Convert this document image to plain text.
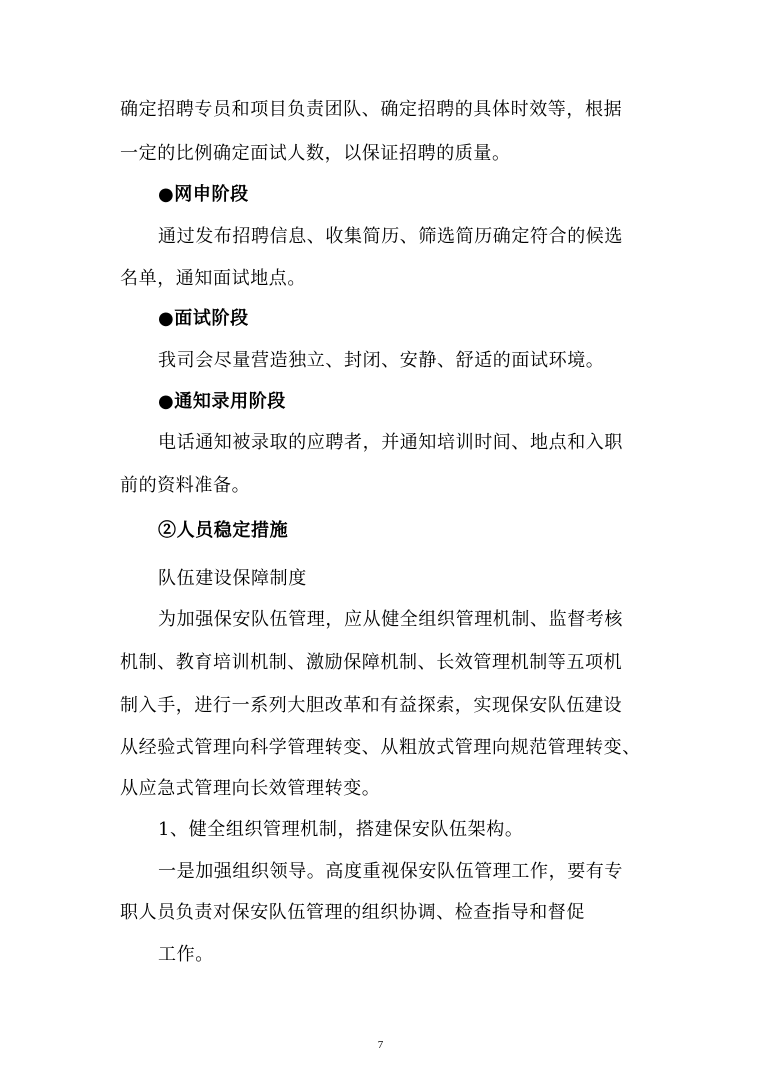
确定招聘专员和项目负责团队、确定招聘的具体时效等，根据
一定的比例确定面试人数，以保证招聘的质量。
●网申阶段
通过发布招聘信息、收集简历、筛选简历确定符合的候选
名单，通知面试地点。
●面试阶段
我司会尽量营造独立、封闭、安静、舒适的面试环境。
●通知录用阶段
电话通知被录取的应聘者，并通知培训时间、地点和入职
前的资料准备。
②人员稳定措施
队伍建设保障制度
为加强保安队伍管理，应从健全组织管理机制、监督考核
机制、教育培训机制、激励保障机制、长效管理机制等五项机
制入手，进行一系列大胆改革和有益探索，实现保安队伍建设
从经验式管理向科学管理转变、从粗放式管理向规范管理转变、
从应急式管理向长效管理转变。
1、健全组织管理机制，搭建保安队伍架构。
一是加强组织领导。高度重视保安队伍管理工作，要有专
职人员负责对保安队伍管理的组织协调、检查指导和督促
工作。
7
